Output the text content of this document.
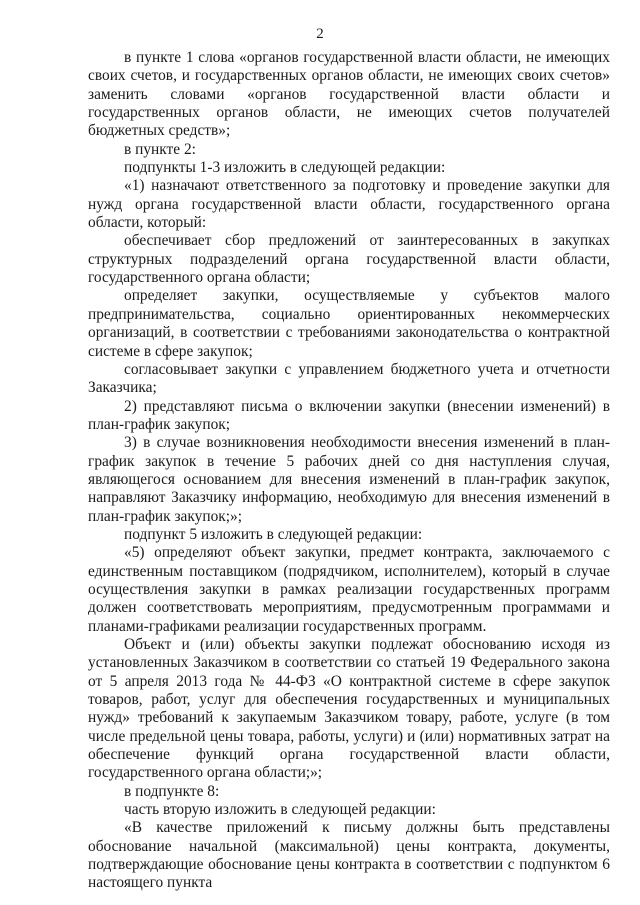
2

в пункте 1 слова «органов государственной власти области, не имеющих своих счетов, и государственных органов области, не имеющих своих счетов» заменить словами «органов государственной власти области и государственных органов области, не имеющих счетов получателей бюджетных средств»;

в пункте 2:

подпункты 1-3 изложить в следующей редакции:

«1) назначают ответственного за подготовку и проведение закупки для нужд органа государственной власти области, государственного органа области, который:

обеспечивает сбор предложений от заинтересованных в закупках структурных подразделений органа государственной власти области, государственного органа области;

определяет закупки, осуществляемые у субъектов малого предпринимательства, социально ориентированных некоммерческих организаций, в соответствии с требованиями законодательства о контрактной системе в сфере закупок;

согласовывает закупки с управлением бюджетного учета и отчетности Заказчика;

2) представляют письма о включении закупки (внесении изменений) в план-график закупок;

3) в случае возникновения необходимости внесения изменений в план-график закупок в течение 5 рабочих дней со дня наступления случая, являющегося основанием для внесения изменений в план-график закупок, направляют Заказчику информацию, необходимую для внесения изменений в план-график закупок;»;

подпункт 5 изложить в следующей редакции:

«5) определяют объект закупки, предмет контракта, заключаемого с единственным поставщиком (подрядчиком, исполнителем), который в случае осуществления закупки в рамках реализации государственных программ должен соответствовать мероприятиям, предусмотренным программами и планами-графиками реализации государственных программ.

Объект и (или) объекты закупки подлежат обоснованию исходя из установленных Заказчиком в соответствии со статьей 19 Федерального закона от 5 апреля 2013 года № 44-ФЗ «О контрактной системе в сфере закупок товаров, работ, услуг для обеспечения государственных и муниципальных нужд» требований к закупаемым Заказчиком товару, работе, услуге (в том числе предельной цены товара, работы, услуги) и (или) нормативных затрат на обеспечение функций органа государственной власти области, государственного органа области;»;

в подпункте 8:

часть вторую изложить в следующей редакции:

«В качестве приложений к письму должны быть представлены обоснование начальной (максимальной) цены контракта, документы, подтверждающие обоснование цены контракта в соответствии с подпунктом 6 настоящего пункта
